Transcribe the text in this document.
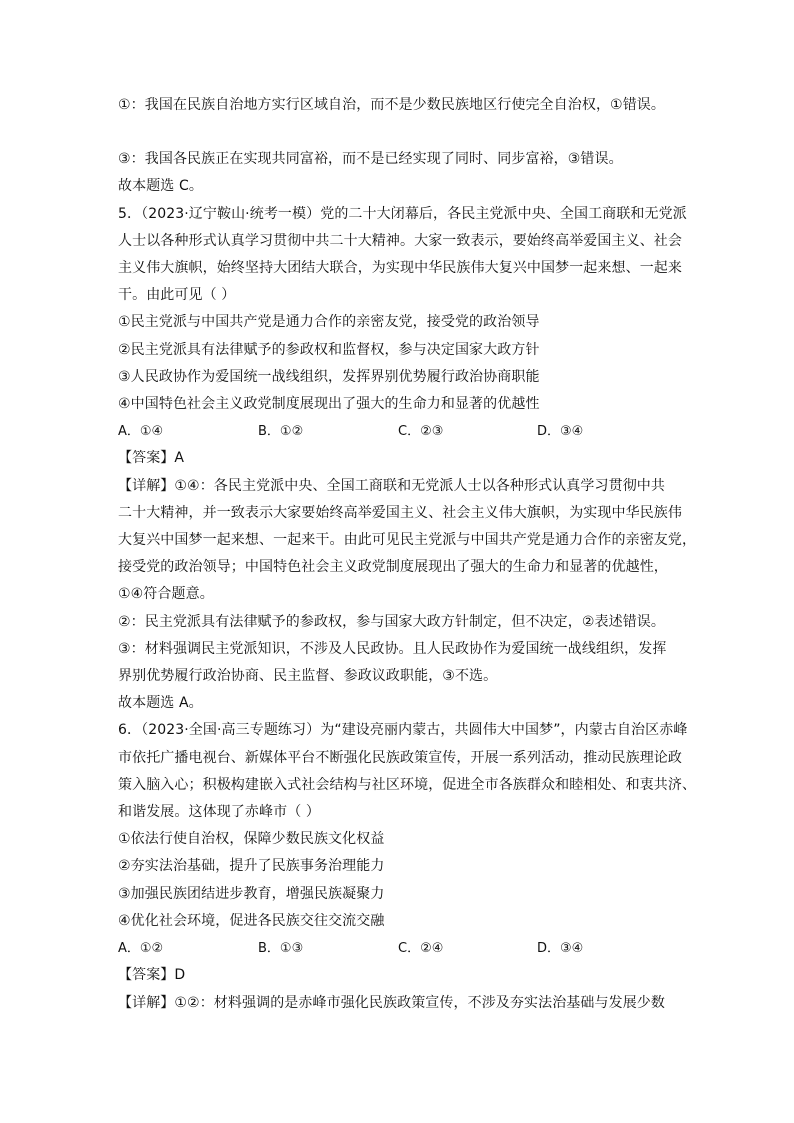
①：我国在民族自治地方实行区域自治，而不是少数民族地区行使完全自治权，①错误。
③：我国各民族正在实现共同富裕，而不是已经实现了同时、同步富裕，③错误。
故本题选 C。
5．（2023·辽宁鞍山·统考一模）党的二十大闭幕后，各民主党派中央、全国工商联和无党派
人士以各种形式认真学习贯彻中共二十大精神。大家一致表示，要始终高举爱国主义、社会
主义伟大旗帜，始终坚持大团结大联合，为实现中华民族伟大复兴中国梦一起来想、一起来
干。由此可见（ ）
①民主党派与中国共产党是通力合作的亲密友党，接受党的政治领导
②民主党派具有法律赋予的参政权和监督权，参与决定国家大政方针
③人民政协作为爱国统一战线组织，发挥界别优势履行政治协商职能
④中国特色社会主义政党制度展现出了强大的生命力和显著的优越性
A．①④	B．①②	C．②③	D．③④
【答案】A
【详解】①④：各民主党派中央、全国工商联和无党派人士以各种形式认真学习贯彻中共
二十大精神，并一致表示大家要始终高举爱国主义、社会主义伟大旗帜，为实现中华民族伟
大复兴中国梦一起来想、一起来干。由此可见民主党派与中国共产党是通力合作的亲密友党，
接受党的政治领导；中国特色社会主义政党制度展现出了强大的生命力和显著的优越性，
①④符合题意。
②：民主党派具有法律赋予的参政权，参与国家大政方针制定，但不决定，②表述错误。
③：材料强调民主党派知识，不涉及人民政协。且人民政协作为爱国统一战线组织，发挥
界别优势履行政治协商、民主监督、参政议政职能，③不选。
故本题选 A。
6．（2023·全国·高三专题练习）为“建设亮丽内蒙古，共圆伟大中国梦”，内蒙古自治区赤峰
市依托广播电视台、新媒体平台不断强化民族政策宣传，开展一系列活动，推动民族理论政
策入脑入心；积极构建嵌入式社会结构与社区环境，促进全市各族群众和睦相处、和衷共济、
和谐发展。这体现了赤峰市（ ）
①依法行使自治权，保障少数民族文化权益
②夯实法治基础，提升了民族事务治理能力
③加强民族团结进步教育，增强民族凝聚力
④优化社会环境，促进各民族交往交流交融
A．①②	B．①③	C．②④	D．③④
【答案】D
【详解】①②：材料强调的是赤峰市强化民族政策宣传，不涉及夯实法治基础与发展少数
